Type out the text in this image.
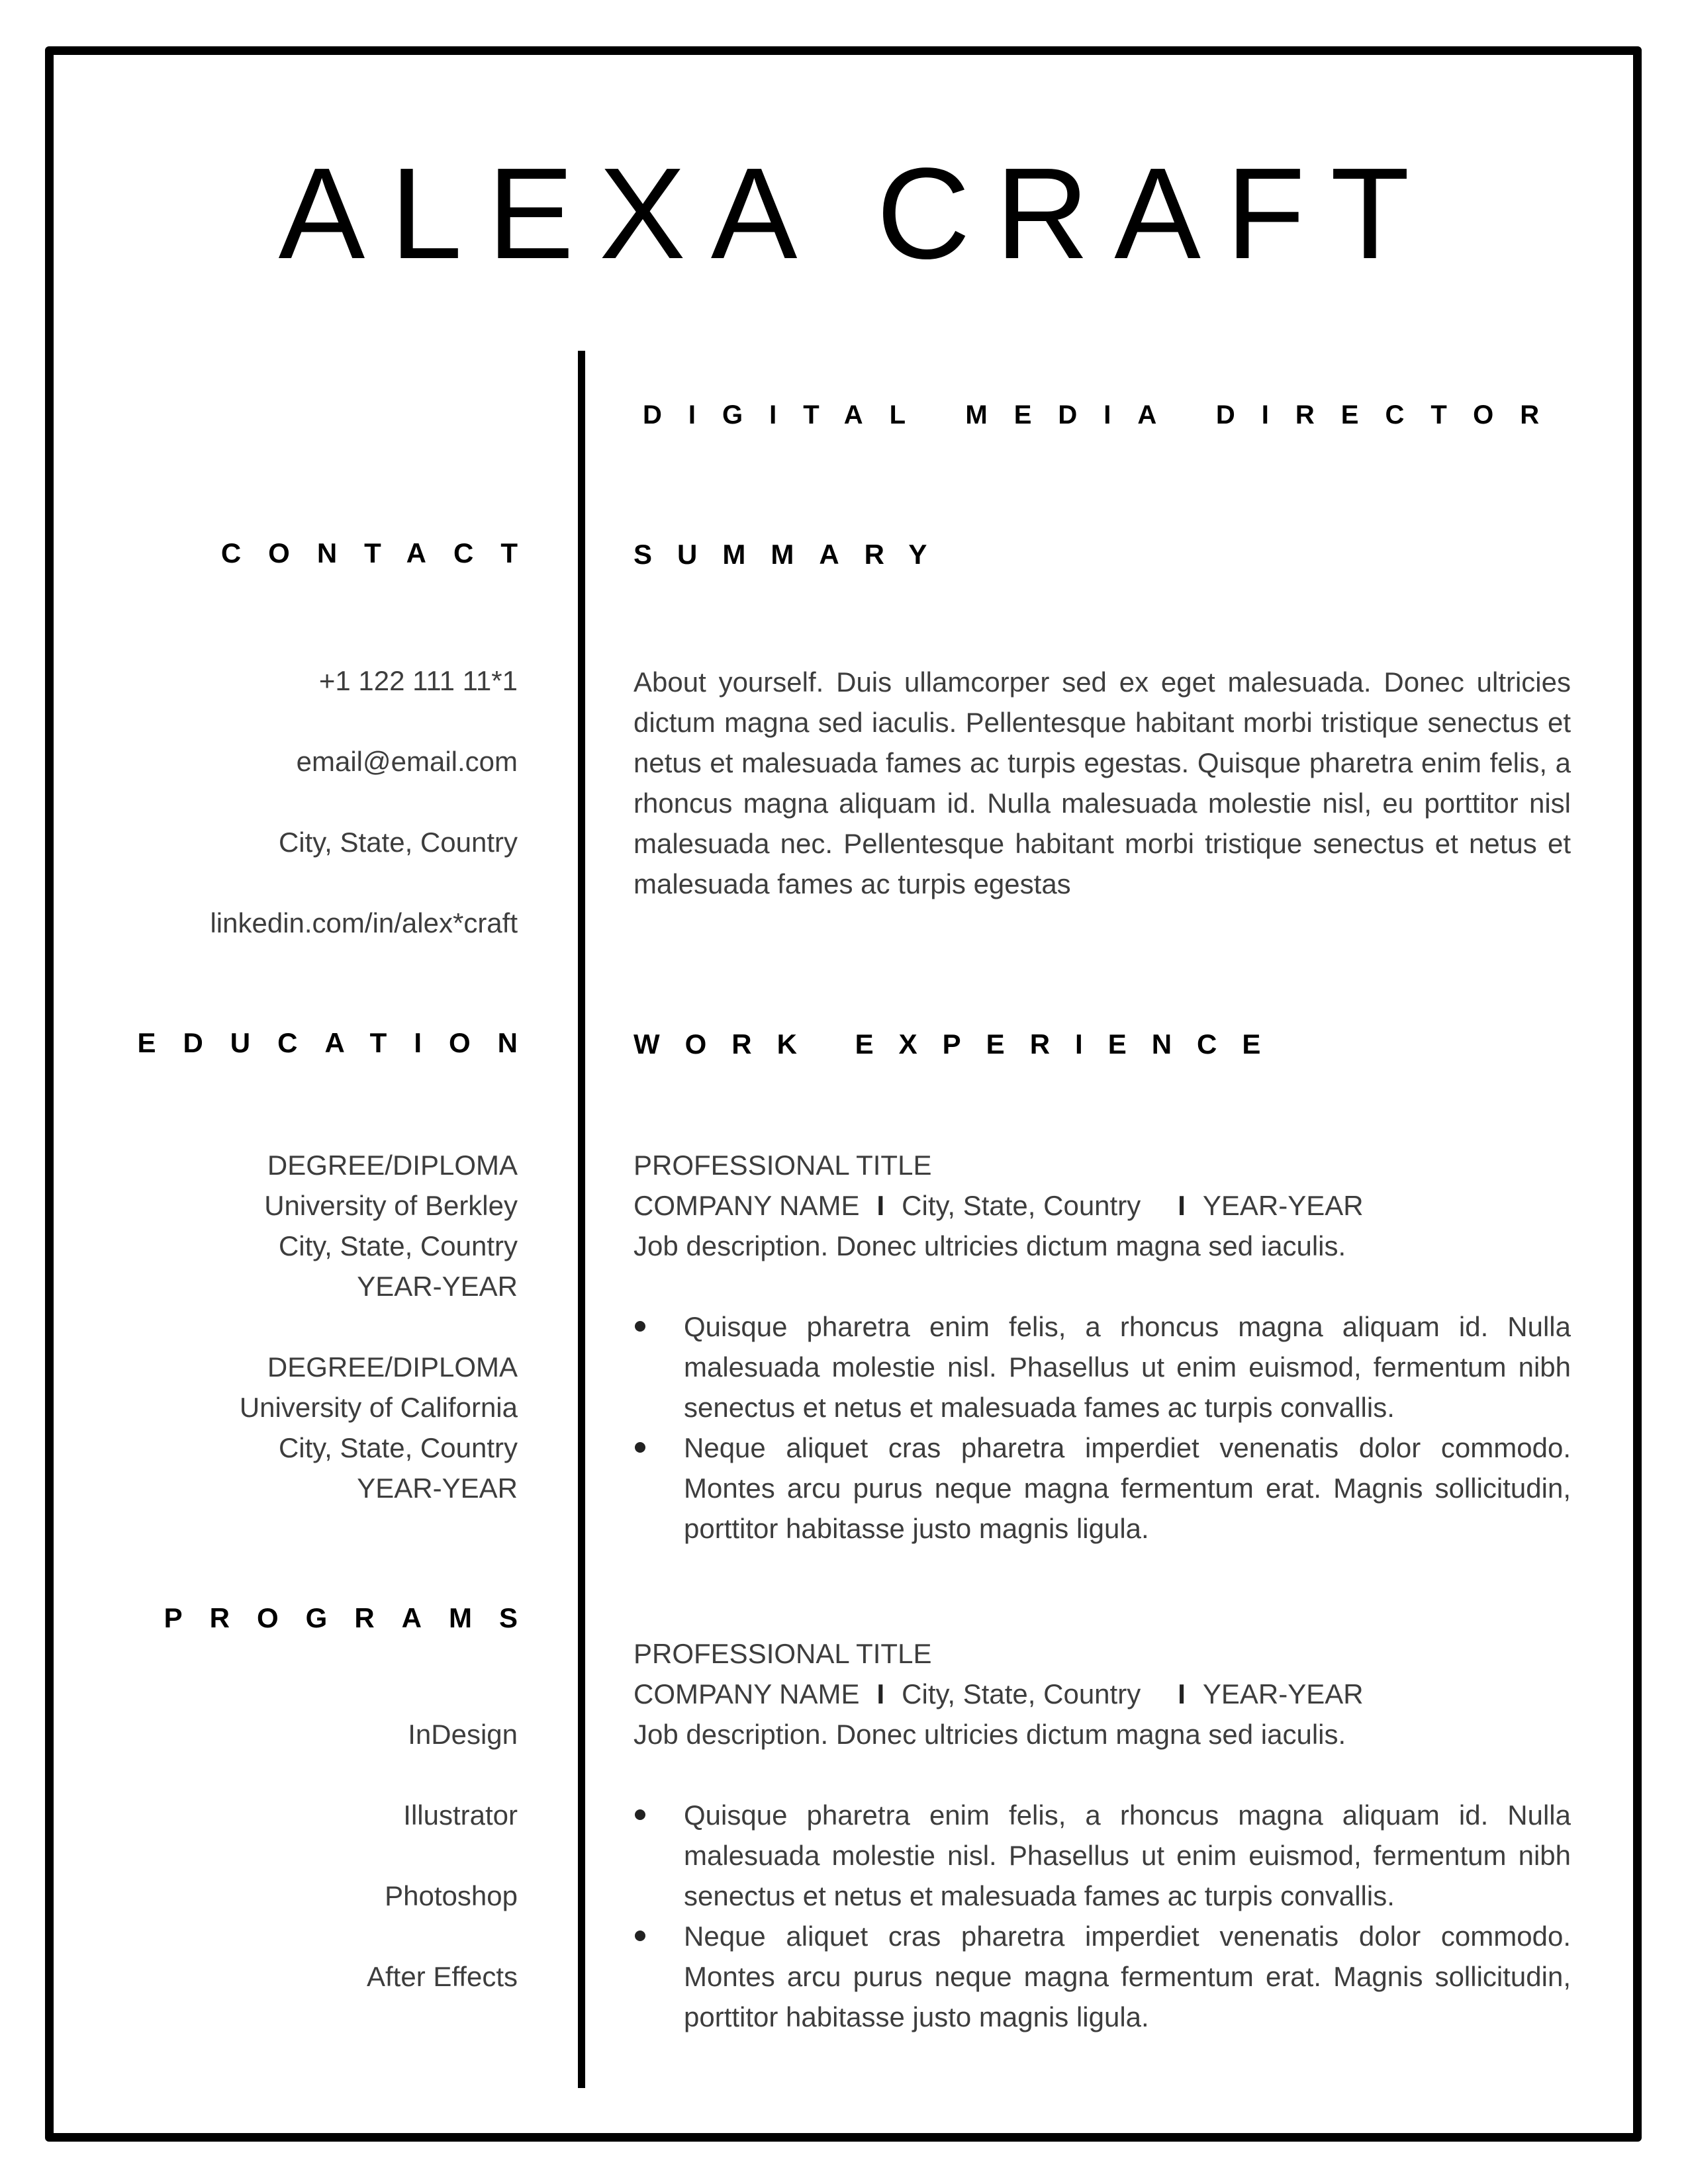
ALEXA CRAFT
CONTACT
+1 122 111 11*1
email@email.com
City, State, Country
linkedin.com/in/alex*craft
EDUCATION
DEGREE/DIPLOMA
University of Berkley
City, State, Country
YEAR-YEAR
DEGREE/DIPLOMA
University of California
City, State, Country
YEAR-YEAR
PROGRAMS
InDesign
Illustrator
Photoshop
After Effects
DIGITAL MEDIA DIRECTOR
SUMMARY
About yourself. Duis ullamcorper sed ex eget malesuada. Donec ultricies dictum magna sed iaculis. Pellentesque habitant morbi tristique senectus et netus et malesuada fames ac turpis egestas. Quisque pharetra enim felis, a rhoncus magna aliquam id. Nulla malesuada molestie nisl, eu porttitor nisl malesuada nec. Pellentesque habitant morbi tristique senectus et netus et malesuada fames ac turpis egestas
WORK EXPERIENCE
PROFESSIONAL TITLE
COMPANY NAME I City, State, Country I YEAR-YEAR
Job description. Donec ultricies dictum magna sed iaculis.
Quisque pharetra enim felis, a rhoncus magna aliquam id. Nulla malesuada molestie nisl. Phasellus ut enim euismod, fermentum nibh senectus et netus et malesuada fames ac turpis convallis.
Neque aliquet cras pharetra imperdiet venenatis dolor commodo. Montes arcu purus neque magna fermentum erat. Magnis sollicitudin, porttitor habitasse justo magnis ligula.
PROFESSIONAL TITLE
COMPANY NAME I City, State, Country I YEAR-YEAR
Job description. Donec ultricies dictum magna sed iaculis.
Quisque pharetra enim felis, a rhoncus magna aliquam id. Nulla malesuada molestie nisl. Phasellus ut enim euismod, fermentum nibh senectus et netus et malesuada fames ac turpis convallis.
Neque aliquet cras pharetra imperdiet venenatis dolor commodo. Montes arcu purus neque magna fermentum erat. Magnis sollicitudin, porttitor habitasse justo magnis ligula.
